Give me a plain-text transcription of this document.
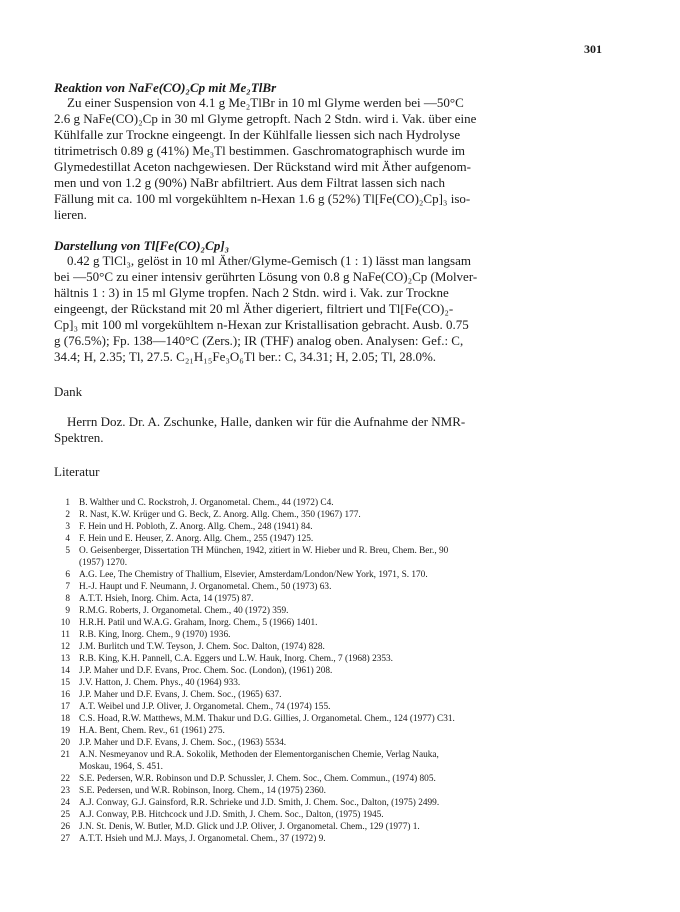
301
Reaktion von NaFe(CO)₂Cp mit Me₂TlBr
Zu einer Suspension von 4.1 g Me₂TlBr in 10 ml Glyme werden bei —50°C
2.6 g NaFe(CO)₂Cp in 30 ml Glyme getropft. Nach 2 Stdn. wird i. Vak. über eine
Kühlfalle zur Trockne eingeengt. In der Kühlfalle liessen sich nach Hydrolyse
titrimetrisch 0.89 g (41%) Me₃Tl bestimmen. Gaschromatographisch wurde im
Glymedestillat Aceton nachgewiesen. Der Rückstand wird mit Äther aufgenom-
men und von 1.2 g (90%) NaBr abfiltriert. Aus dem Filtrat lassen sich nach
Fällung mit ca. 100 ml vorgekühltem n-Hexan 1.6 g (52%) Tl[Fe(CO)₂Cp]₃ iso-
lieren.
Darstellung von Tl[Fe(CO)₂Cp]₃
0.42 g TlCl₃, gelöst in 10 ml Äther/Glyme-Gemisch (1 : 1) lässt man langsam
bei —50°C zu einer intensiv gerührten Lösung von 0.8 g NaFe(CO)₂Cp (Molver-
hältnis 1 : 3) in 15 ml Glyme tropfen. Nach 2 Stdn. wird i. Vak. zur Trockne
eingeengt, der Rückstand mit 20 ml Äther digeriert, filtriert und Tl[Fe(CO)₂-
Cp]₃ mit 100 ml vorgekühltem n-Hexan zur Kristallisation gebracht. Ausb. 0.75
g (76.5%); Fp. 138—140°C (Zers.); IR (THF) analog oben. Analysen: Gef.: C,
34.4; H, 2.35; Tl, 27.5. C₂₁H₁₅Fe₃O₆Tl ber.: C, 34.31; H, 2.05; Tl, 28.0%.
Dank
Herrn Doz. Dr. A. Zschunke, Halle, danken wir für die Aufnahme der NMR-
Spektren.
Literatur
1 B. Walther und C. Rockstroh, J. Organometal. Chem., 44 (1972) C4.
2 R. Nast, K.W. Krüger und G. Beck, Z. Anorg. Allg. Chem., 350 (1967) 177.
3 F. Hein und H. Pobloth, Z. Anorg. Allg. Chem., 248 (1941) 84.
4 F. Hein und E. Heuser, Z. Anorg. Allg. Chem., 255 (1947) 125.
5 O. Geisenberger, Dissertation TH München, 1942, zitiert in W. Hieber und R. Breu, Chem. Ber., 90
(1957) 1270.
6 A.G. Lee, The Chemistry of Thallium, Elsevier, Amsterdam/London/New York, 1971, S. 170.
7 H.-J. Haupt und F. Neumann, J. Organometal. Chem., 50 (1973) 63.
8 A.T.T. Hsieh, Inorg. Chim. Acta, 14 (1975) 87.
9 R.M.G. Roberts, J. Organometal. Chem., 40 (1972) 359.
10 H.R.H. Patil und W.A.G. Graham, Inorg. Chem., 5 (1966) 1401.
11 R.B. King, Inorg. Chem., 9 (1970) 1936.
12 J.M. Burlitch und T.W. Teyson, J. Chem. Soc. Dalton, (1974) 828.
13 R.B. King, K.H. Pannell, C.A. Eggers und L.W. Hauk, Inorg. Chem., 7 (1968) 2353.
14 J.P. Maher und D.F. Evans, Proc. Chem. Soc. (London), (1961) 208.
15 J.V. Hatton, J. Chem. Phys., 40 (1964) 933.
16 J.P. Maher und D.F. Evans, J. Chem. Soc., (1965) 637.
17 A.T. Weibel und J.P. Oliver, J. Organometal. Chem., 74 (1974) 155.
18 C.S. Hoad, R.W. Matthews, M.M. Thakur und D.G. Gillies, J. Organometal. Chem., 124 (1977) C31.
19 H.A. Bent, Chem. Rev., 61 (1961) 275.
20 J.P. Maher und D.F. Evans, J. Chem. Soc., (1963) 5534.
21 A.N. Nesmeyanov und R.A. Sokolik, Methoden der Elementorganischen Chemie, Verlag Nauka,
Moskau, 1964, S. 451.
22 S.E. Pedersen, W.R. Robinson und D.P. Schussler, J. Chem. Soc., Chem. Commun., (1974) 805.
23 S.E. Pedersen, und W.R. Robinson, Inorg. Chem., 14 (1975) 2360.
24 A.J. Conway, G.J. Gainsford, R.R. Schrieke und J.D. Smith, J. Chem. Soc., Dalton, (1975) 2499.
25 A.J. Conway, P.B. Hitchcock und J.D. Smith, J. Chem. Soc., Dalton, (1975) 1945.
26 J.N. St. Denis, W. Butler, M.D. Glick und J.P. Oliver, J. Organometal. Chem., 129 (1977) 1.
27 A.T.T. Hsieh und M.J. Mays, J. Organometal. Chem., 37 (1972) 9.
